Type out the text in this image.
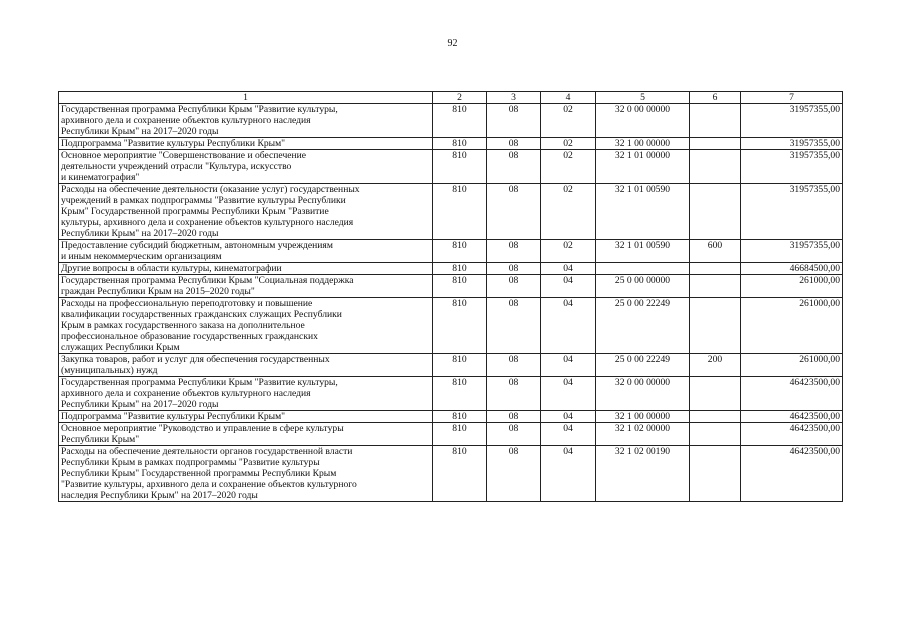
92
1	2	3	4	5	6	7
Государственная программа Республики Крым "Развитие культуры,
архивного дела и сохранение объектов культурного наследия
Республики Крым" на 2017–2020 годы	810	08	02	32 0 00 00000		31957355,00
Подпрограмма "Развитие культуры Республики Крым"	810	08	02	32 1 00 00000		31957355,00
Основное мероприятие "Совершенствование и обеспечение
деятельности учреждений отрасли "Культура, искусство
и кинематография"	810	08	02	32 1 01 00000		31957355,00
Расходы на обеспечение деятельности (оказание услуг) государственных
учреждений в рамках подпрограммы "Развитие культуры Республики
Крым" Государственной программы Республики Крым "Развитие
культуры, архивного дела и сохранение объектов культурного наследия
Республики Крым" на 2017–2020 годы	810	08	02	32 1 01 00590		31957355,00
Предоставление субсидий бюджетным, автономным учреждениям
и иным некоммерческим организациям	810	08	02	32 1 01 00590	600	31957355,00
Другие вопросы в области культуры, кинематографии	810	08	04			46684500,00
Государственная программа Республики Крым "Социальная поддержка
граждан Республики Крым на 2015–2020 годы"	810	08	04	25 0 00 00000		261000,00
Расходы на профессиональную переподготовку и повышение
квалификации государственных гражданских служащих Республики
Крым в рамках государственного заказа на дополнительное
профессиональное образование государственных гражданских
служащих Республики Крым	810	08	04	25 0 00 22249		261000,00
Закупка товаров, работ и услуг для обеспечения государственных
(муниципальных) нужд	810	08	04	25 0 00 22249	200	261000,00
Государственная программа Республики Крым "Развитие культуры,
архивного дела и сохранение объектов культурного наследия
Республики Крым" на 2017–2020 годы	810	08	04	32 0 00 00000		46423500,00
Подпрограмма "Развитие культуры Республики Крым"	810	08	04	32 1 00 00000		46423500,00
Основное мероприятие "Руководство и управление в сфере культуры
Республики Крым"	810	08	04	32 1 02 00000		46423500,00
Расходы на обеспечение деятельности органов государственной власти
Республики Крым в рамках подпрограммы "Развитие культуры
Республики Крым" Государственной программы Республики Крым
"Развитие культуры, архивного дела и сохранение объектов культурного
наследия Республики Крым" на 2017–2020 годы	810	08	04	32 1 02 00190		46423500,00
